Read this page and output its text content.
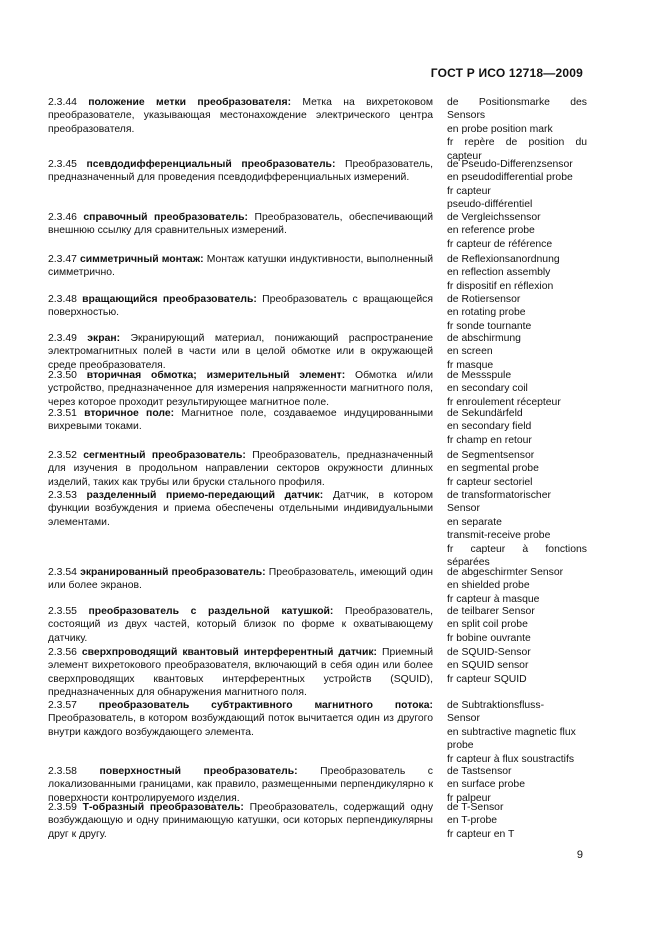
ГОСТ Р ИСО 12718—2009
2.3.44 положение метки преобразователя: Метка на вихретоковом преобразователе, указывающая местонахождение электрического центра преобразователя.
de Positionsmarke des Sensors
en probe position mark
fr repère de position du capteur
2.3.45 псевдодифференциальный преобразователь: Преобразователь, предназначенный для проведения псевдодифференциальных измерений.
de Pseudo-Differenzsensor
en pseudodifferential probe
fr capteur
pseudo-différentiel
2.3.46 справочный преобразователь: Преобразователь, обеспечивающий внешнюю ссылку для сравнительных измерений.
de Vergleichssensor
en reference probe
fr capteur de référence
2.3.47 симметричный монтаж: Монтаж катушки индуктивности, выполненный симметрично.
de Reflexionsanordnung
en reflection assembly
fr dispositif en réflexion
2.3.48 вращающийся преобразователь: Преобразователь с вращающейся поверхностью.
de Rotiersensor
en rotating probe
fr sonde tournante
2.3.49 экран: Экранирующий материал, понижающий распространение электромагнитных полей в части или в целой обмотке или в окружающей среде преобразователя.
de abschirmung
en screen
fr masque
2.3.50 вторичная обмотка; измерительный элемент: Обмотка и/или устройство, предназначенное для измерения напряженности магнитного поля, через которое проходит результирующее магнитное поле.
de Messspule
en secondary coil
fr enroulement récepteur
2.3.51 вторичное поле: Магнитное поле, создаваемое индуцированными вихревыми токами.
de Sekundärfeld
en secondary field
fr champ en retour
2.3.52 сегментный преобразователь: Преобразователь, предназначенный для изучения в продольном направлении секторов окружности длинных изделий, таких как трубы или бруски стального профиля.
de Segmentsensor
en segmental probe
fr capteur sectoriel
2.3.53 разделенный приемо-передающий датчик: Датчик, в котором функции возбуждения и приема обеспечены отдельными индивидуальными элементами.
de transformatorischer
Sensor
en separate
transmit-receive probe
fr capteur à fonctions séparées
2.3.54 экранированный преобразователь: Преобразователь, имеющий один или более экранов.
de abgeschirmter Sensor
en shielded probe
fr capteur à masque
2.3.55 преобразователь с раздельной катушкой: Преобразователь, состоящий из двух частей, который близок по форме к охватывающему датчику.
de teilbarer Sensor
en split coil probe
fr bobine ouvrante
2.3.56 сверхпроводящий квантовый интерферентный датчик: Приемный элемент вихретокового преобразователя, включающий в себя один или более сверхпроводящих квантовых интерферентных устройств (SQUID), предназначенных для обнаружения магнитного поля.
de SQUID-Sensor
en SQUID sensor
fr capteur SQUID
2.3.57 преобразователь субтрактивного магнитного потока: Преобразователь, в котором возбуждающий поток вычитается один из другого внутри каждого возбуждающего элемента.
de Subtraktionsfluss-
Sensor
en subtractive magnetic flux probe
fr capteur à flux soustractifs
2.3.58 поверхностный преобразователь: Преобразователь с локализованными границами, как правило, размещенными перпендикулярно к поверхности контролируемого изделия.
de Tastsensor
en surface probe
fr palpeur
2.3.59 Т-образный преобразователь: Преобразователь, содержащий одну возбуждающую и одну принимающую катушки, оси которых перпендикулярны друг к другу.
de T-Sensor
en T-probe
fr capteur en T
9
